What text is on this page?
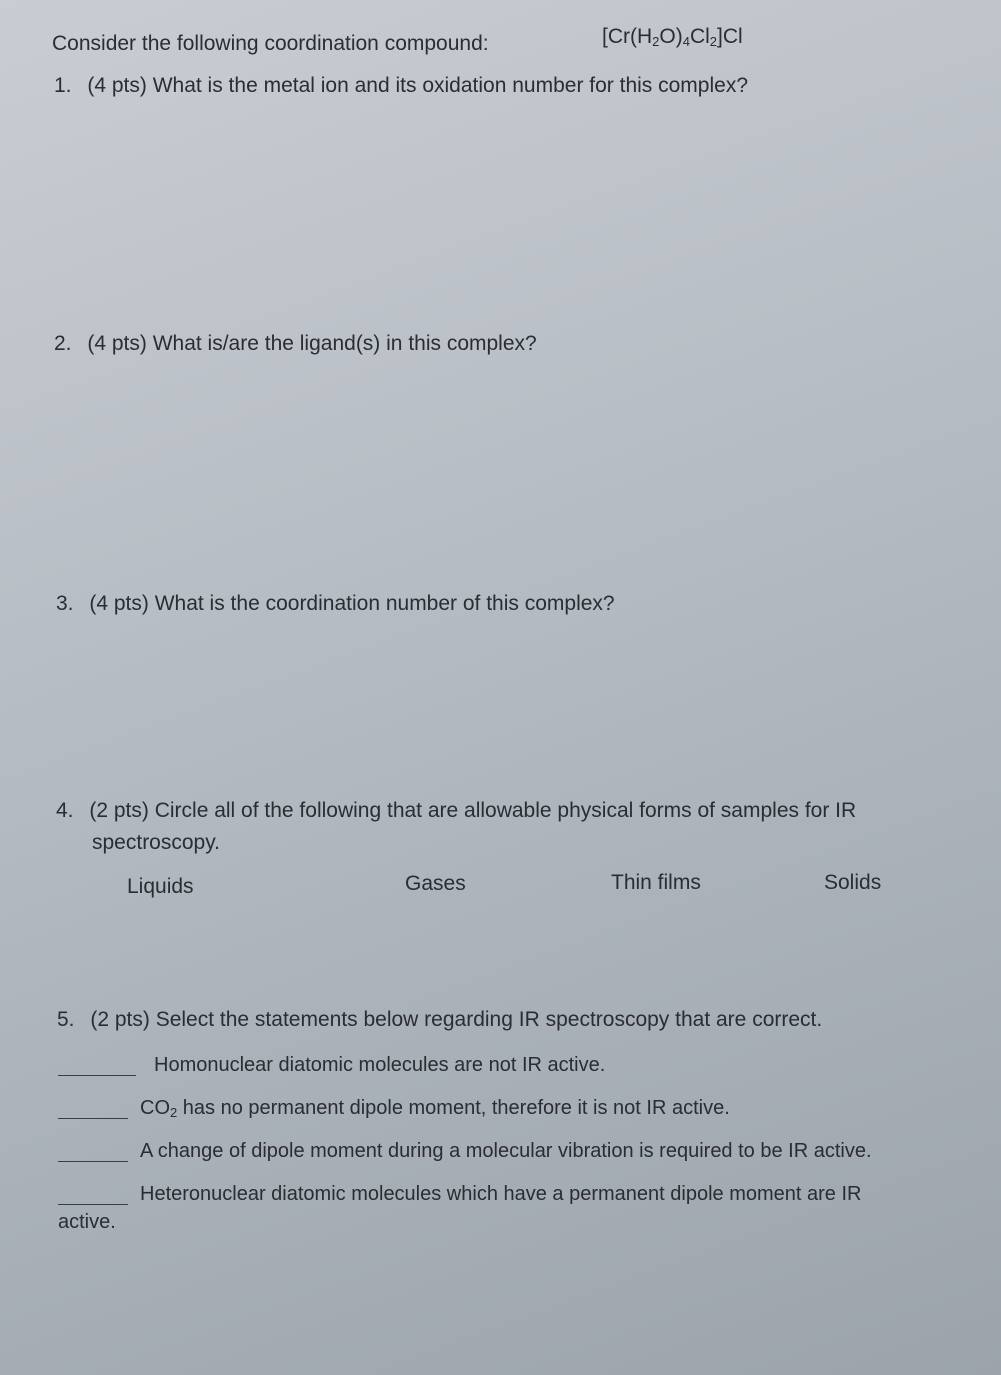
Consider the following coordination compound:	$[Cr(H_2O)_4Cl_2]Cl$
1. (4 pts) What is the metal ion and its oxidation number for this complex?
2. (4 pts) What is/are the ligand(s) in this complex?
3. (4 pts) What is the coordination number of this complex?
4. (2 pts) Circle all of the following that are allowable physical forms of samples for IR
spectroscopy.
Liquids	Gases	Thin films	Solids
5. (2 pts) Select the statements below regarding IR spectroscopy that are correct.
Homonuclear diatomic molecules are not IR active.
$CO_2$ has no permanent dipole moment, therefore it is not IR active.
A change of dipole moment during a molecular vibration is required to be IR active.
Heteronuclear diatomic molecules which have a permanent dipole moment are IR
active.
